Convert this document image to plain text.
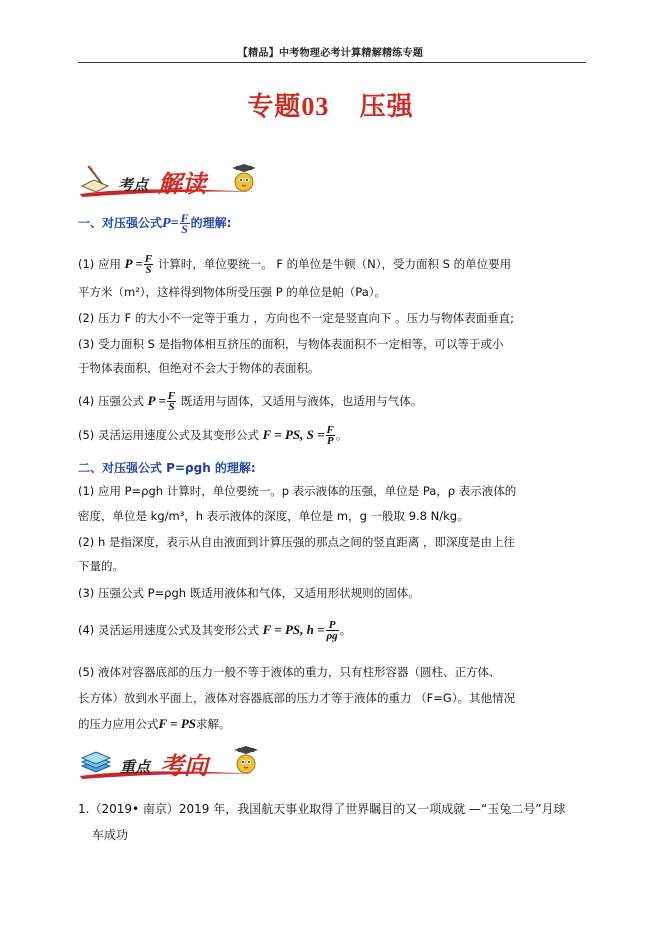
【精品】中考物理必考计算精解精练专题
专题03 压强
考点 解读
一、对压强公式$P= \frac{F}{S}$ 的理解:
(1) 应用 $P = \frac{F}{S}$ 计算时，单位要统一。 F 的单位是牛顿（N），受力面积 S 的单位要用
平方米（m²），这样得到物体所受压强 P 的单位是帕（Pa）。
(2) 压力 F 的大小不一定等于重力 ，方向也不一定是竖直向下 。压力与物体表面垂直;
(3) 受力面积 S 是指物体相互挤压的面积，与物体表面积不一定相等，可以等于或小
于物体表面积，但绝对不会大于物体的表面积。
(4) 压强公式 $P = \frac{F}{S}$ 既适用与固体，又适用与液体，也适用与气体。
(5) 灵活运用速度公式及其变形公式 F = PS, $S = \frac{F}{P}$ 。
二、对压强公式 P=ρgh 的理解:
(1) 应用 P=ρgh 计算时，单位要统一。p 表示液体的压强，单位是 Pa，ρ 表示液体的
密度，单位是 kg/m³，h 表示液体的深度，单位是 m，g 一般取 9.8 N/kg。
(2) h 是指深度，表示从自由液面到计算压强的那点之间的竖直距离 ，即深度是由上往
下量的。
(3) 压强公式 P=ρgh 既适用液体和气体，又适用形状规则的固体。
(4) 灵活运用速度公式及其变形公式 F = PS, $h = \frac{P}{\rho g}$ 。
(5) 液体对容器底部的压力一般不等于液体的重力，只有柱形容器（圆柱、正方体、
长方体）放到水平面上，液体对容器底部的压力才等于液体的重力 （F=G）。其他情况
的压力应用公式F = PS求解。
重点 考向
1.（2019• 南京）2019 年，我国航天事业取得了世界瞩目的又一项成就 —“玉兔二号”月球
车成功
